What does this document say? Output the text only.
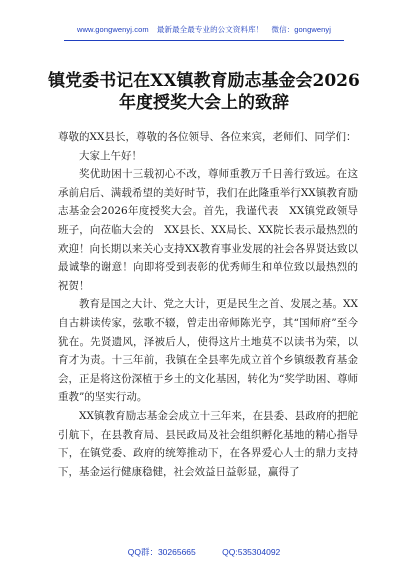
www.gongwenyj.com 最新最全最专业的公文资料库！ 微信：gongwenyj
镇党委书记在XX镇教育励志基金会2026
年度授奖大会上的致辞

尊敬的XX县长，尊敬的各位领导、各位来宾，老师们、同学们：

大家上午好！

奖优助困十三载初心不改，尊师重教万千日善行致远。在这承前启后、满载希望的美好时节，我们在此隆重举行XX镇教育励志基金会2026年度授奖大会。首先，我谨代表　XX镇党政领导班子，向莅临大会的　XX县长、XX局长、XX院长表示最热烈的欢迎！向长期以来关心支持XX教育事业发展的社会各界贤达致以最诚挚的谢意！向即将受到表彰的优秀师生和单位致以最热烈的祝贺！

教育是国之大计、党之大计，更是民生之首、发展之基。XX自古耕读传家，弦歌不辍，曾走出帝师陈光亨，其“国师府”至今犹在。先贤遗风，泽被后人，使得这片土地莫不以读书为荣，以育才为责。十三年前，我镇在全县率先成立首个乡镇级教育基金会，正是将这份深植于乡土的文化基因，转化为“奖学助困、尊师重教”的坚实行动。

XX镇教育励志基金会成立十三年来，在县委、县政府的把舵引航下，在县教育局、县民政局及社会组织孵化基地的精心指导下，在镇党委、政府的统筹推动下，在各界爱心人士的鼎力支持下，基金运行健康稳健，社会效益日益彰显，赢得了

QQ群：30265665	QQ:535304092
